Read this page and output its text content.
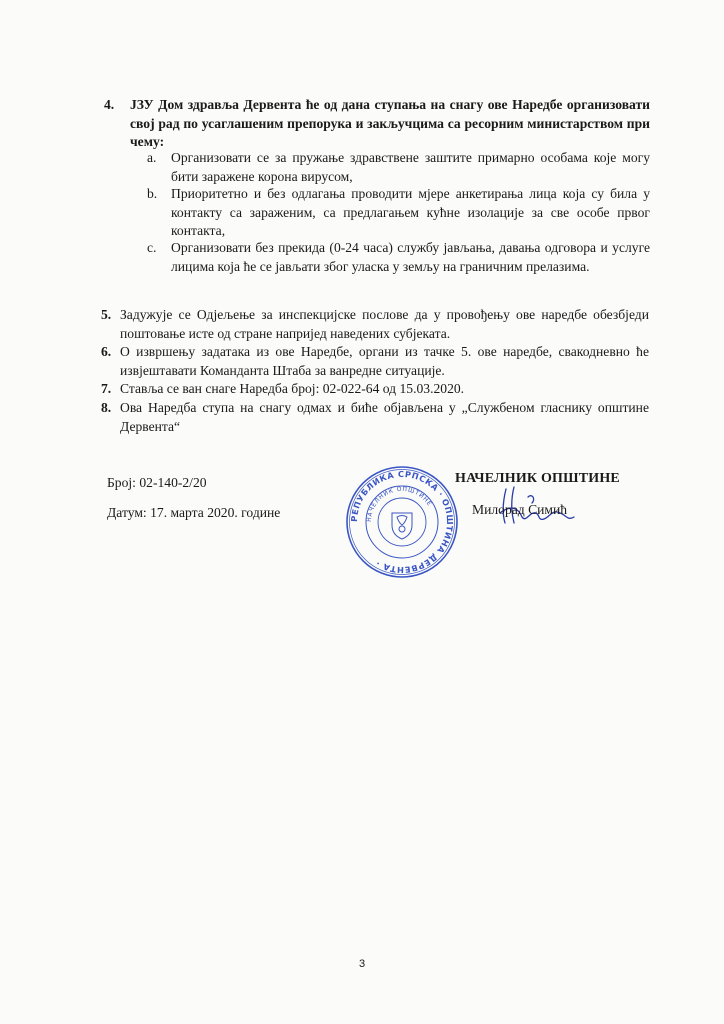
4. ЈЗУ Дом здравља Дервента ће од дана ступања на снагу ове Наредбе организовати свој рад по усаглашеним препорука и закључцима са ресорним министарством при чему:
a. Организовати се за пружање здравствене заштите примарно особама које могу бити заражене корона вирусом,
b. Приоритетно и без одлагања проводити мјере анкетирања лица која су била у контакту са зараженим, са предлагањем кућне изолације за све особе првог контакта,
c. Организовати без прекида (0-24 часа) службу јављања, давања одговора и услуге лицима која ће се јављати због уласка у земљу на граничним прелазима.
5. Задужује се Одјељење за инспекцијске послове да у провођењу ове наредбе обезбједи поштовање исте од стране напријед наведених субјеката.
6. О извршењу задатака из ове Наредбе, органи из тачке 5. ове наредбе, свакодневно ће извјештавати Команданта Штаба за ванредне ситуације.
7. Ставља се ван снаге Наредба број: 02-022-64 од 15.03.2020.
8. Ова Наредба ступа на снагу одмах и биће објављена у „Службеном гласнику општине Дервента“
Број: 02-140-2/20
Датум: 17. марта 2020. године	РЕПУБЛИКА СРПСКА · ОПШТИНА ДЕРВЕНТА ·
НАЧЕЛНИК ОПШТИНЕ
НАЧЕЛНИК ОПШТИНЕ
Милорад Симић
3
